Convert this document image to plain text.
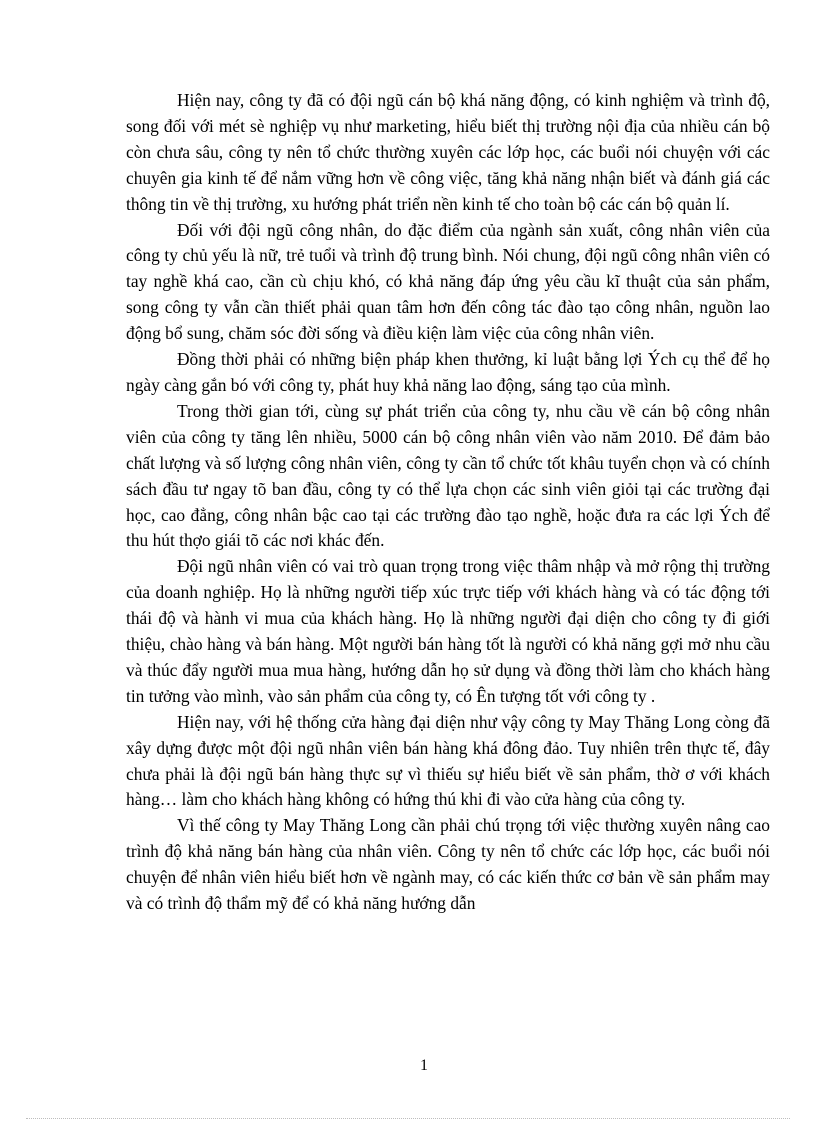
Hiện nay, công ty đã có đội ngũ cán bộ khá năng động, có kinh nghiệm và trình độ, song đối với mét sè nghiệp vụ như marketing, hiểu biết thị trường nội địa của nhiều cán bộ còn chưa sâu, công ty nên tổ chức thường xuyên các lớp học, các buổi nói chuyện với các chuyên gia kinh tế để nắm vững hơn về công việc, tăng khả năng nhận biết và đánh giá các thông tin về thị trường, xu hướng phát triển nền kinh tế cho toàn bộ các cán bộ quản lí.

Đối với đội ngũ công nhân, do đặc điểm của ngành sản xuất, công nhân viên của công ty chủ yếu là nữ, trẻ tuổi và trình độ trung bình. Nói chung, đội ngũ công nhân viên có tay nghề khá cao, cần cù chịu khó, có khả năng đáp ứng yêu cầu kĩ thuật của sản phẩm, song công ty vẫn cần thiết phải quan tâm hơn đến công tác đào tạo công nhân, nguồn lao động bổ sung, chăm sóc đời sống và điều kiện làm việc của công nhân viên.

Đồng thời phải có những biện pháp khen thưởng, kỉ luật bằng lợi Ých cụ thể để họ ngày càng gắn bó với công ty, phát huy khả năng lao động, sáng tạo của mình.

Trong thời gian tới, cùng sự phát triển của công ty, nhu cầu về cán bộ công nhân viên của công ty tăng lên nhiều, 5000 cán bộ công nhân viên vào năm 2010. Để đảm bảo chất lượng và số lượng công nhân viên, công ty cần tổ chức tốt khâu tuyển chọn và có chính sách đầu tư ngay tõ ban đầu, công ty có thể lựa chọn các sinh viên giỏi tại các trường đại học, cao đẳng, công nhân bậc cao tại các trường đào tạo nghề, hoặc đưa ra các lợi Ých để thu hút thợo giái tõ các nơi khác đến.

Đội ngũ nhân viên có vai trò quan trọng trong việc thâm nhập và mở rộng thị trường của doanh nghiệp. Họ là những người tiếp xúc trực tiếp với khách hàng và có tác động tới thái độ và hành vi mua của khách hàng. Họ là những người đại diện cho công ty đi giới thiệu, chào hàng và bán hàng. Một người bán hàng tốt là người có khả năng gợi mở nhu cầu và thúc đẩy người mua mua hàng, hướng dẫn họ sử dụng và đồng thời làm cho khách hàng tin tưởng vào mình, vào sản phẩm của công ty, có Ên tượng tốt với công ty .

Hiện nay, với hệ thống cửa hàng đại diện như vậy công ty May Thăng Long còng đã xây dựng được một đội ngũ nhân viên bán hàng khá đông đảo. Tuy nhiên trên thực tế, đây chưa phải là đội ngũ bán hàng thực sự vì thiếu sự hiểu biết về sản phẩm, thờ ơ với khách hàng… làm cho khách hàng không có hứng thú khi đi vào cửa hàng của công ty.

Vì thế công ty May Thăng Long cần phải chú trọng tới việc thường xuyên nâng cao trình độ khả năng bán hàng của nhân viên. Công ty nên tổ chức các lớp học, các buổi nói chuyện để nhân viên hiểu biết hơn về ngành may, có các kiến thức cơ bản về sản phẩm may và có trình độ thẩm mỹ để có khả năng hướng dẫn

1
